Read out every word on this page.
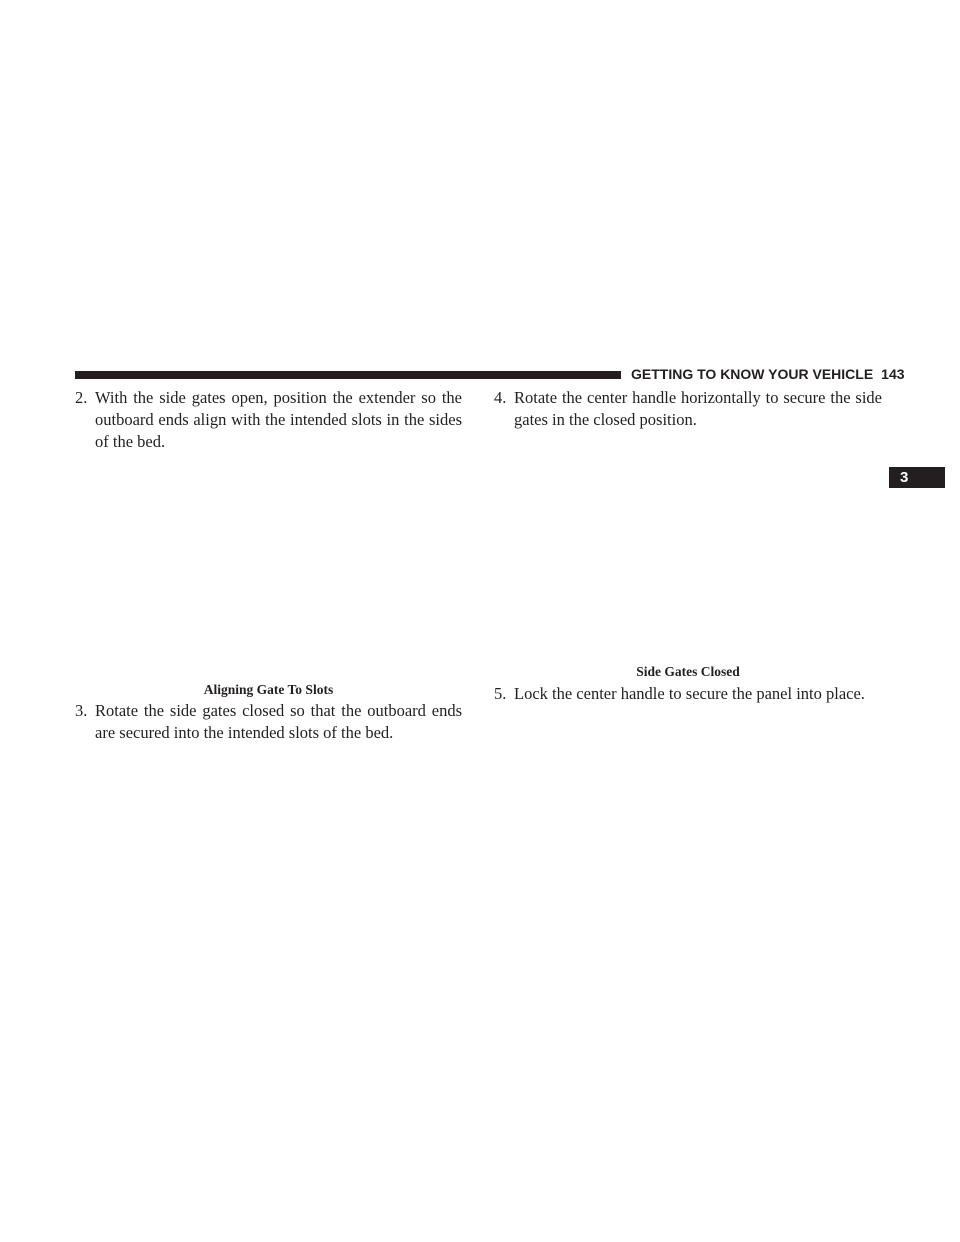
GETTING TO KNOW YOUR VEHICLE 143
3

2. With the side gates open, position the extender so the outboard ends align with the intended slots in the sides of the bed.

Aligning Gate To Slots

3. Rotate the side gates closed so that the outboard ends are secured into the intended slots of the bed.

4. Rotate the center handle horizontally to secure the side gates in the closed position.

Side Gates Closed

5. Lock the center handle to secure the panel into place.
